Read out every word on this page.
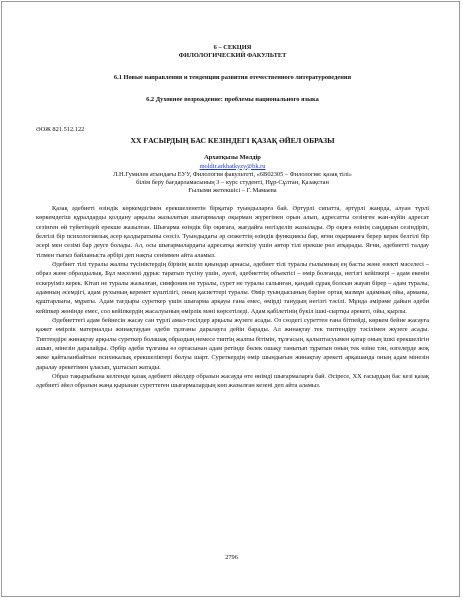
6 – СЕКЦИЯ
ФИЛОЛОГИЧЕСКИЙ ФАКУЛЬТЕТ
6.1 Новые направления и тенденции развития отечественного литературоведения
6.2 Духовное возрождение: проблемы национального языка
ӘОЖ 821.512.122
ХХ ҒАСЫРДЫҢ БАС КЕЗІНДЕГІ ҚАЗАҚ ӘЙЕЛ ОБРАЗЫ
Архатқызы Мөлдір
moldir.arkhatkyzy@bk.ru
Л.Н.Гумилев атындағы ЕУУ, Филология факультеті, «6В02305 – Филология: қазақ тілі»
білім беру бағдарламасының 3 – курс студенті, Нұр-Сұлтан, Қазақстан
Ғылыми жетекшісі – Г. Мамаева

Қазақ әдебиеті өзіндік көркемдігімен ерекшеленетін бірқатар туындыларға бай. Әртүрлі сипатта, әртүрлі жанрда, алуан түрлі көркемдегіш құралдарды қолдану арқылы жазылатын шығармалар оқырман жүрегімен орын алып, адресатты сезінген жан-күйін адресат сезінген өй түйетіндей ерекше жазылған. Шығарма өзіндік бір оқиғаға, жағдайға негізделіп жазылады. Әр оқиға өзінің саңдарын сезіндіріп, белгілі бір психологиялық әсер қалдыратыны сөзсіз. Туындыдағы әр сюжеттің өзіндік функциясы бар, яғни оқырманға берер керек белгілі бір әсері мен сезімі бар деуге болады. Ал, осы шығармалардағы адресатқа жеткізу үшін автор тілі ерекше рөл атқарады. Яғни, әдебиетті талдау тілмен тығыз байланыста әрбірі деп нақты сеніммен айта аламыз.

Әдебиет тілі туралы жалпы түсініктердің бірінің келіп қиындар арнасы, әдебиет тілі туралы ғылымның ең басты және өзекті мәселесі – образ және образдылық. Бұл мәселені дұрыс таратып түсіну үшін, әуелі, әдебиеттің объектісі – өмір болғанда, негізгі кейіпкері – адам екенін ескеруіміз керек. Кітап не туралы жазылған, симфония не туралы, сурет не туралы салынған, қандай сұрақ болсын жауап бірер – адам туралы, адамның әсемдігі, адам рухының керемет күштілігі, оның қасиеттері туралы. Өмір туындысының бәріне ортақ мазмұн адамның ойы, арманы, құштарлығы, мұраты. Адам тағдыры суреткер үшін шығарма арқауы ғана емес, өмірді танудың негізгі тәсілі. Мұнда әмірәме дайын әдеби кейіпкер жөнінде емес, сол кейіпкердің жасалуының өмірлік мәні көрсетіледі. Адам қабілетінің бүкіл ішкі-сыртқы әрекеті, ойы, қырлы.

Әдебиеттегі адам бейнесін жасау сан түрлі амал-тәсілдер арқылы жүзеге асады. Оз сөздегі суреттен ғана бітпейді, көркем бейне жасауға қажет өмірлік материалды жинақтаудан әдеби тұлғаны даралауға дейін барады. Ал жинақтау тек типтендіру тәсілімен жүзеге асады. Типтендіре жинақтау арқылы суреткер болашақ образдың немесе типтің жалпы бітімін, тұлғасын, қалыптасуымен қатар оның ішкі ерекшелігін ашып, мінезін даралайды. Әрбір әдеби тұлғаны өз ортасынан адам ретінде бөлек ошақу танытып тұратын оның тек өзіне тән, өзгелерде жоқ жеке қайталанбайтын психикалық ерекшеліктері болуы шарт. Суреткердің өмір шындығын жинақтау әрекеті арқашанда оның адам мінезін даралау әрекетімен ұласып, ұштасып жатады.

Образ тақырыбына келгенде қазақ әдебиеті әйелдер образын жасауда өте өнімді шығармаларға бай. Әсіресе, ХХ ғасырдың бас кезі қазақ әдебиеті әйел образын жаңа қырынан суреттеген шығармалардың көп жазылған кезені деп айта аламыз.

2796
